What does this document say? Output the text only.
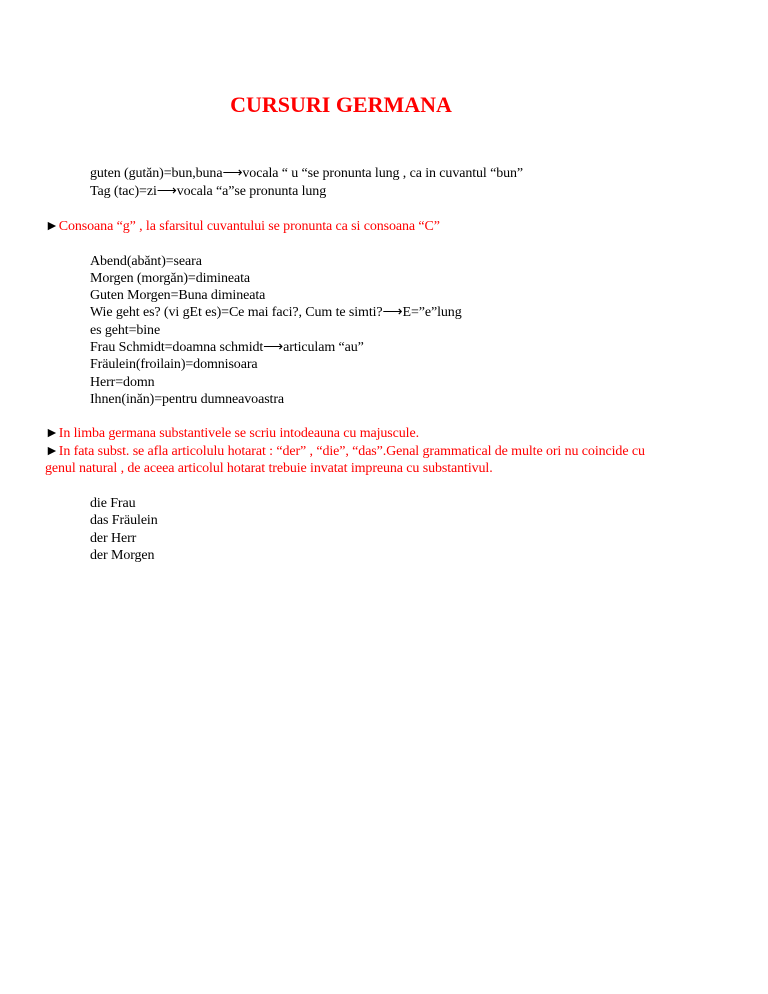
CURSURI GERMANA
guten (gutăn)=bun,buna⟶vocala “ u “se pronunta lung , ca in cuvantul “bun”
Tag (tac)=zi⟶vocala “a”se pronunta lung
►Consoana “g” , la sfarsitul cuvantului se pronunta ca si consoana “C”
Abend(abănt)=seara
Morgen (morgăn)=dimineata
Guten Morgen=Buna dimineata
Wie geht es? (vi gEt es)=Ce mai faci?, Cum te simti?⟶E=”e”lung
es geht=bine
Frau Schmidt=doamna schmidt⟶articulam “au”
Fräulein(froilain)=domnisoara
Herr=domn
Ihnen(inăn)=pentru dumneavoastra
►In limba germana substantivele se scriu intodeauna cu majuscule.
►In fata subst. se afla articolulu hotarat : “der” , “die”, “das”.Genal grammatical de multe ori nu coincide cu
genul natural , de aceea articolul hotarat trebuie invatat impreuna cu substantivul.
die Frau
das Fräulein
der Herr
der Morgen
